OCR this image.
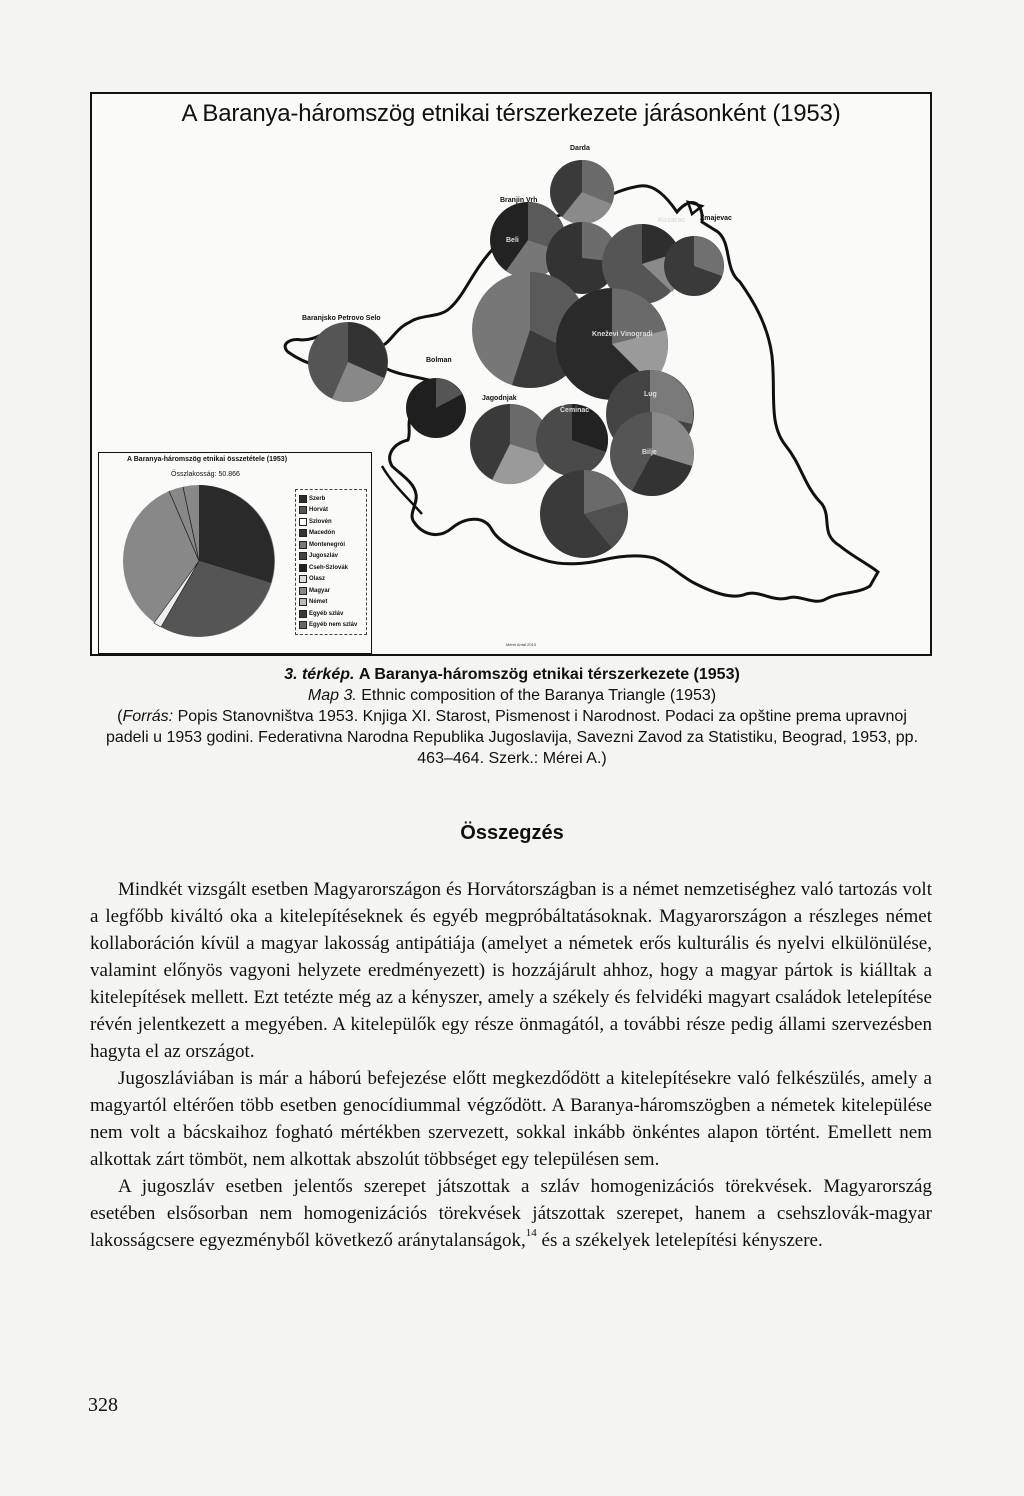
A Baranya-háromszög etnikai térszerkezete járásonként (1953)
Darda
Branjin Vrh
Beli
Baranjsko Petrovo Selo
Bolman
Jagodnjak
Čeminac
Kneževi Vinogradi
Lug
Bilje
Kozarac Zmajevac
A Baranya-háromszög etnikai összetétele (1953)
Összlakosság: 50.866
Szerb
Horvát
Szlovén
Macedón
Montenegrói
Jugoszláv
Cseh-Szlovák
Olasz
Magyar
Német
Egyéb szláv
Egyéb nem szláv
Mérei Antal 2013
3. térkép. A Baranya-háromszög etnikai térszerkezete (1953)
Map 3. Ethnic composition of the Baranya Triangle (1953)
(Forrás: Popis Stanovništva 1953. Knjiga XI. Starost, Pismenost i Narodnost. Podaci za opštine prema upravnoj padeli u 1953 godini. Federativna Narodna Republika Jugoslavija, Savezni Zavod za Statistiku, Beograd, 1953, pp. 463–464. Szerk.: Mérei A.)
Összegzés

Mindkét vizsgált esetben Magyarországon és Horvátországban is a német nemzetiséghez való tartozás volt a legfőbb kiváltó oka a kitelepítéseknek és egyéb megpróbáltatásoknak. Magyarországon a részleges német kollaboráción kívül a magyar lakosság antipátiája (amelyet a németek erős kulturális és nyelvi elkülönülése, valamint előnyös vagyoni helyzete eredményezett) is hozzájárult ahhoz, hogy a magyar pártok is kiálltak a kitelepítések mellett. Ezt tetézte még az a kényszer, amely a székely és felvidéki magyart családok letelepítése révén jelentkezett a megyében. A kitelepülők egy része önmagától, a további része pedig állami szervezésben hagyta el az országot.

Jugoszláviában is már a háború befejezése előtt megkezdődött a kitelepítésekre való felkészülés, amely a magyartól eltérően több esetben genocídiummal végződött. A Baranya-háromszögben a németek kitelepülése nem volt a bácskaihoz fogható mértékben szervezett, sokkal inkább önkéntes alapon történt. Emellett nem alkottak zárt tömböt, nem alkottak abszolút többséget egy településen sem.

A jugoszláv esetben jelentős szerepet játszottak a szláv homogenizációs törekvések. Magyarország esetében elsősorban nem homogenizációs törekvések játszottak szerepet, hanem a csehszlovák-magyar lakosságcsere egyezményből következő aránytalanságok,$^{14}$ és a székelyek letelepítési kényszere.

328
